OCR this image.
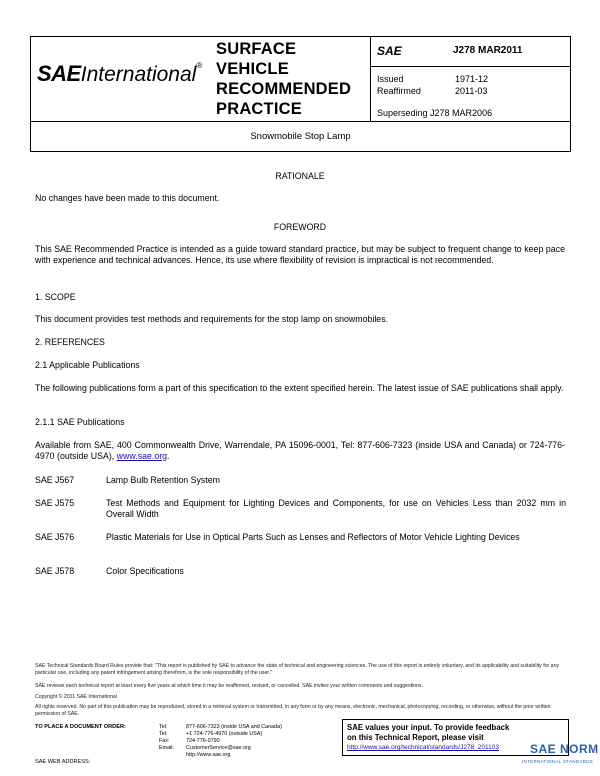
SAEInternational®
SURFACE
VEHICLE
RECOMMENDED
PRACTICE
SAE	J278 MAR2011
Issued	1971-12
Reaffirmed	2011-03
Superseding J278 MAR2006
Snowmobile Stop Lamp
RATIONALE
No changes have been made to this document.
FOREWORD
This SAE Recommended Practice is intended as a guide toward standard practice, but may be subject to frequent change to keep pace with experience and technical advances. Hence, its use where flexibility of revision is impractical is not recommended.
1. SCOPE
This document provides test methods and requirements for the stop lamp on snowmobiles.
2. REFERENCES
2.1 Applicable Publications
The following publications form a part of this specification to the extent specified herein. The latest issue of SAE publications shall apply.
2.1.1 SAE Publications
Available from SAE, 400 Commonwealth Drive, Warrendale, PA 15096-0001, Tel: 877-606-7323 (inside USA and Canada) or 724-776-4970 (outside USA), www.sae.org.
SAE J567	Lamp Bulb Retention System
SAE J575	Test Methods and Equipment for Lighting Devices and Components, for use on Vehicles Less than 2032 mm in Overall Width
SAE J576	Plastic Materials for Use in Optical Parts Such as Lenses and Reflectors of Motor Vehicle Lighting Devices
SAE J578	Color Specifications
SAE Technical Standards Board Rules provide that: "This report is published by SAE to advance the state of technical and engineering sciences. The use of this report is entirely voluntary, and its applicability and suitability for any particular use, including any patent infringement arising therefrom, is the sole responsibility of the user."
SAE reviews each technical report at least every five years at which time it may be reaffirmed, revised, or cancelled. SAE invites your written comments and suggestions.
Copyright © 2011 SAE International
All rights reserved. No part of this publication may be reproduced, stored in a retrieval system or transmitted, in any form or by any means, electronic, mechanical, photocopying, recording, or otherwise, without the prior written permission of SAE.
TO PLACE A DOCUMENT ORDER:	Tel:	877-606-7323 (inside USA and Canada)
Tel:	+1 724-776-4970 (outside USA)
Fax:	724-776-0790
Email: CustomerService@sae.org
http://www.sae.org
SAE WEB ADDRESS:
SAE values your input. To provide feedback
on this Technical Report, please visit
http://www.sae.org/technical/standards/J278_201103	SAE NORM
INTERNATIONAL STANDARDS
